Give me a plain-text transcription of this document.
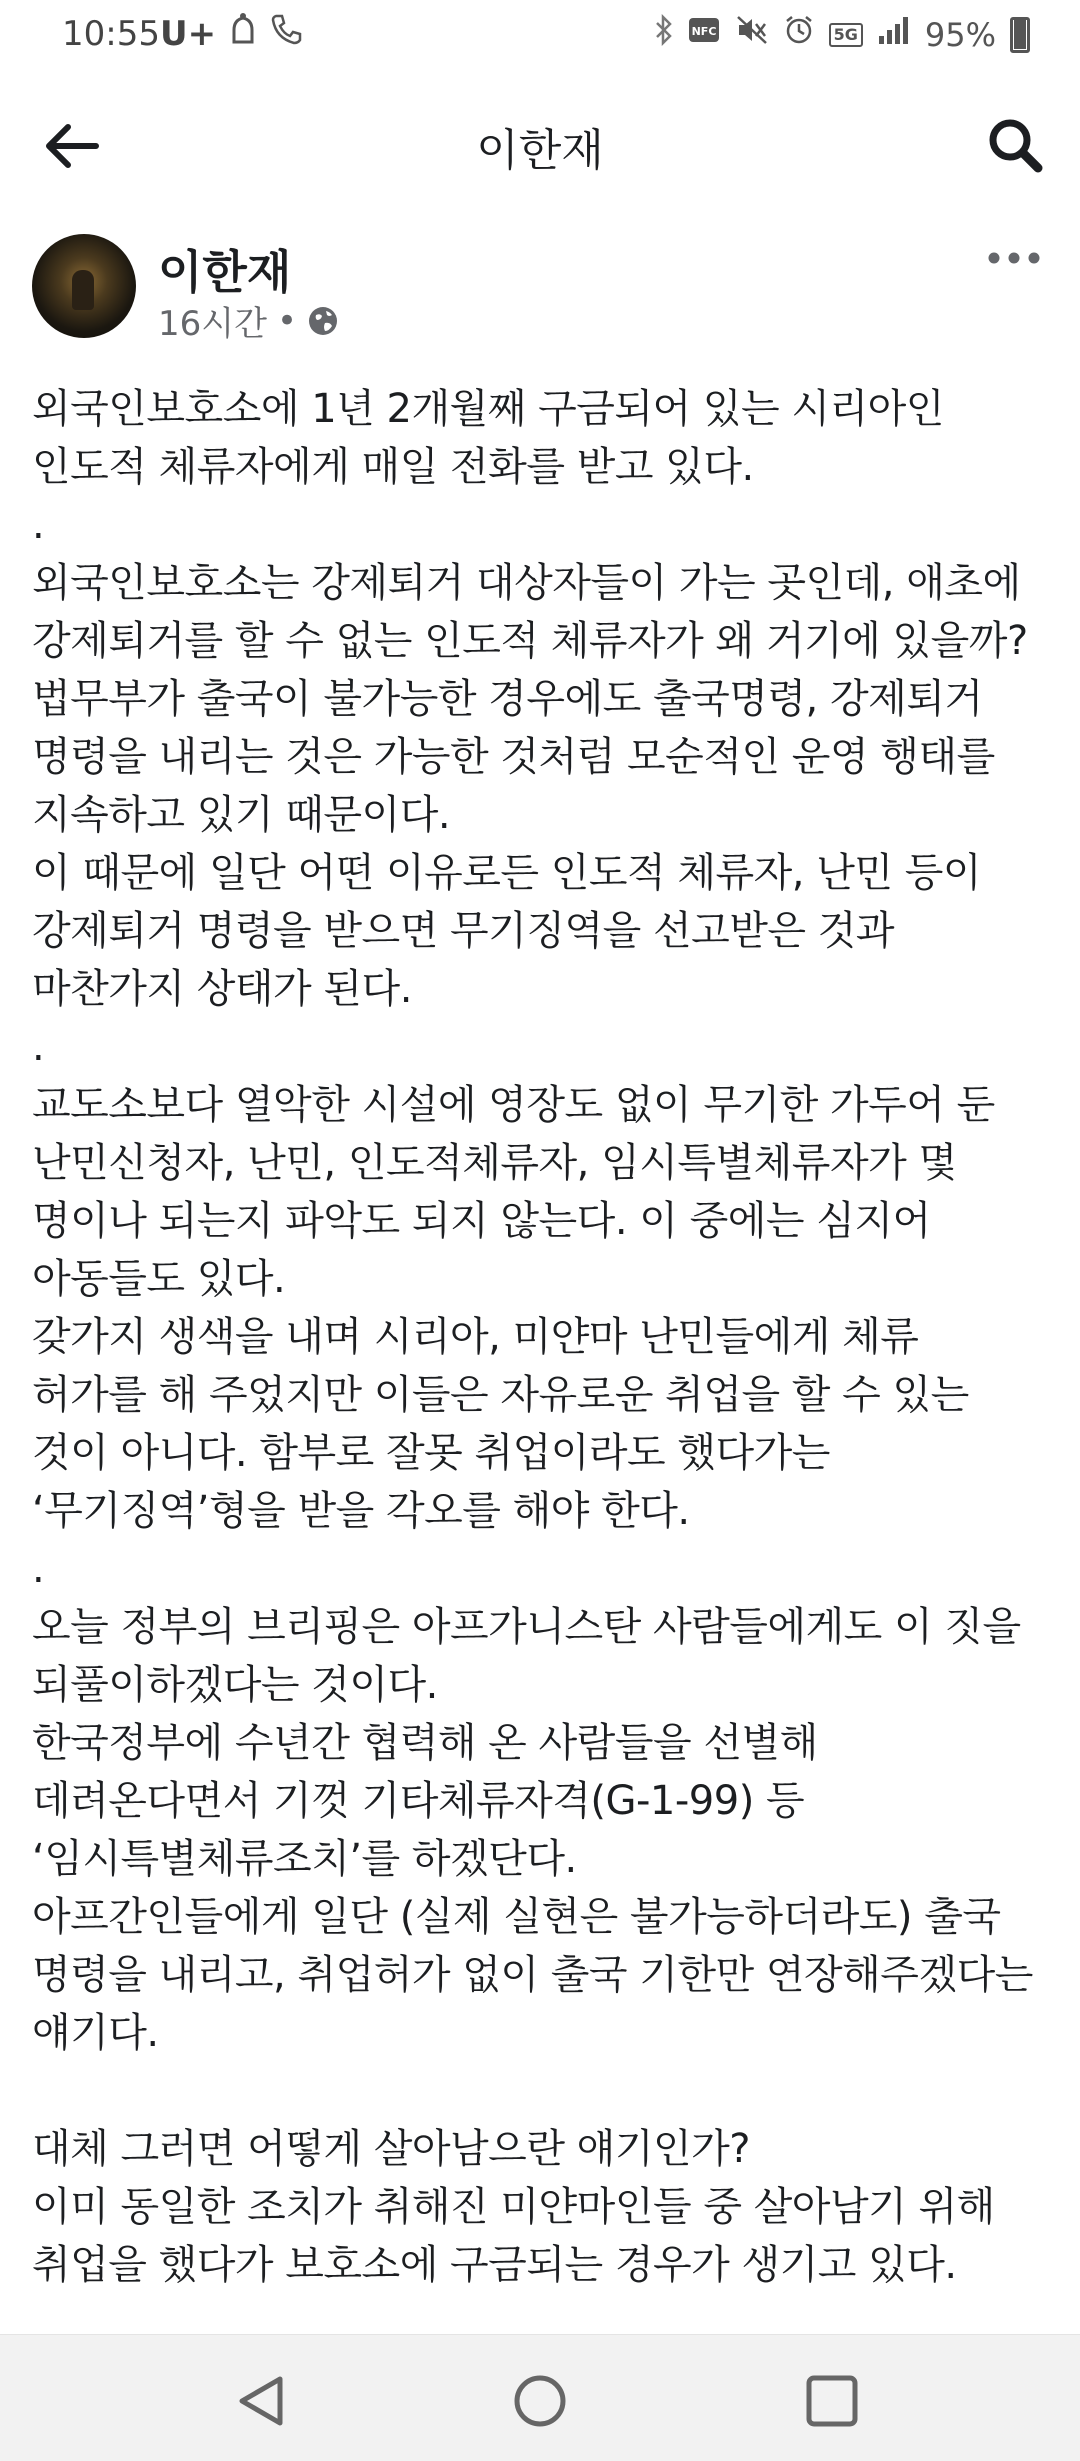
10:55 U+	NFC	5G 95%
이한재
이한재
16시간 •
외국인보호소에 1년 2개월째 구금되어 있는 시리아인
인도적 체류자에게 매일 전화를 받고 있다.
.
외국인보호소는 강제퇴거 대상자들이 가는 곳인데, 애초에
강제퇴거를 할 수 없는 인도적 체류자가 왜 거기에 있을까?
법무부가 출국이 불가능한 경우에도 출국명령, 강제퇴거
명령을 내리는 것은 가능한 것처럼 모순적인 운영 행태를
지속하고 있기 때문이다.
이 때문에 일단 어떤 이유로든 인도적 체류자, 난민 등이
강제퇴거 명령을 받으면 무기징역을 선고받은 것과
마찬가지 상태가 된다.
.
교도소보다 열악한 시설에 영장도 없이 무기한 가두어 둔
난민신청자, 난민, 인도적체류자, 임시특별체류자가 몇
명이나 되는지 파악도 되지 않는다. 이 중에는 심지어
아동들도 있다.
갖가지 생색을 내며 시리아, 미얀마 난민들에게 체류
허가를 해 주었지만 이들은 자유로운 취업을 할 수 있는
것이 아니다. 함부로 잘못 취업이라도 했다가는
‘무기징역’형을 받을 각오를 해야 한다.
.
오늘 정부의 브리핑은 아프가니스탄 사람들에게도 이 짓을
되풀이하겠다는 것이다.
한국정부에 수년간 협력해 온 사람들을 선별해
데려온다면서 기껏 기타체류자격(G-1-99) 등
‘임시특별체류조치’를 하겠단다.
아프간인들에게 일단 (실제 실현은 불가능하더라도) 출국
명령을 내리고, 취업허가 없이 출국 기한만 연장해주겠다는
얘기다.
대체 그러면 어떻게 살아남으란 얘기인가?
이미 동일한 조치가 취해진 미얀마인들 중 살아남기 위해
취업을 했다가 보호소에 구금되는 경우가 생기고 있다.
